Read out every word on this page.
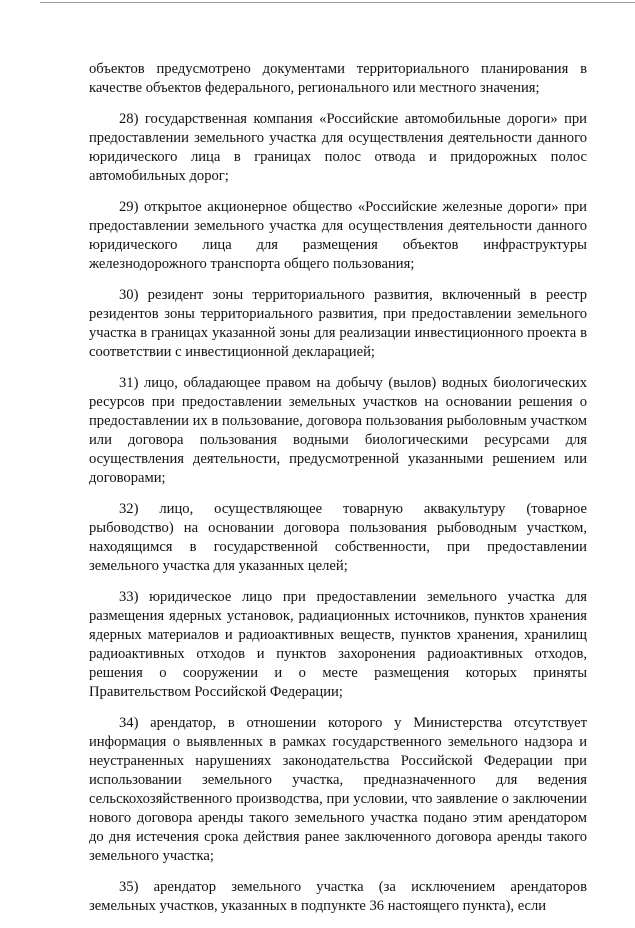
объектов предусмотрено документами территориального планирования в качестве объектов федерального, регионального или местного значения;

28) государственная компания «Российские автомобильные дороги» при предоставлении земельного участка для осуществления деятельности данного юридического лица в границах полос отвода и придорожных полос автомобильных дорог;

29) открытое акционерное общество «Российские железные дороги» при предоставлении земельного участка для осуществления деятельности данного юридического лица для размещения объектов инфраструктуры железнодорожного транспорта общего пользования;

30) резидент зоны территориального развития, включенный в реестр резидентов зоны территориального развития, при предоставлении земельного участка в границах указанной зоны для реализации инвестиционного проекта в соответствии с инвестиционной декларацией;

31) лицо, обладающее правом на добычу (вылов) водных биологических ресурсов при предоставлении земельных участков на основании решения о предоставлении их в пользование, договора пользования рыболовным участком или договора пользования водными биологическими ресурсами для осуществления деятельности, предусмотренной указанными решением или договорами;

32) лицо, осуществляющее товарную аквакультуру (товарное рыбоводство) на основании договора пользования рыбоводным участком, находящимся в государственной собственности, при предоставлении земельного участка для указанных целей;

33) юридическое лицо при предоставлении земельного участка для размещения ядерных установок, радиационных источников, пунктов хранения ядерных материалов и радиоактивных веществ, пунктов хранения, хранилищ радиоактивных отходов и пунктов захоронения радиоактивных отходов, решения о сооружении и о месте размещения которых приняты Правительством Российской Федерации;

34) арендатор, в отношении которого у Министерства отсутствует информация о выявленных в рамках государственного земельного надзора и неустраненных нарушениях законодательства Российской Федерации при использовании земельного участка, предназначенного для ведения сельскохозяйственного производства, при условии, что заявление о заключении нового договора аренды такого земельного участка подано этим арендатором до дня истечения срока действия ранее заключенного договора аренды такого земельного участка;

35) арендатор земельного участка (за исключением арендаторов земельных участков, указанных в подпункте 36 настоящего пункта), если
